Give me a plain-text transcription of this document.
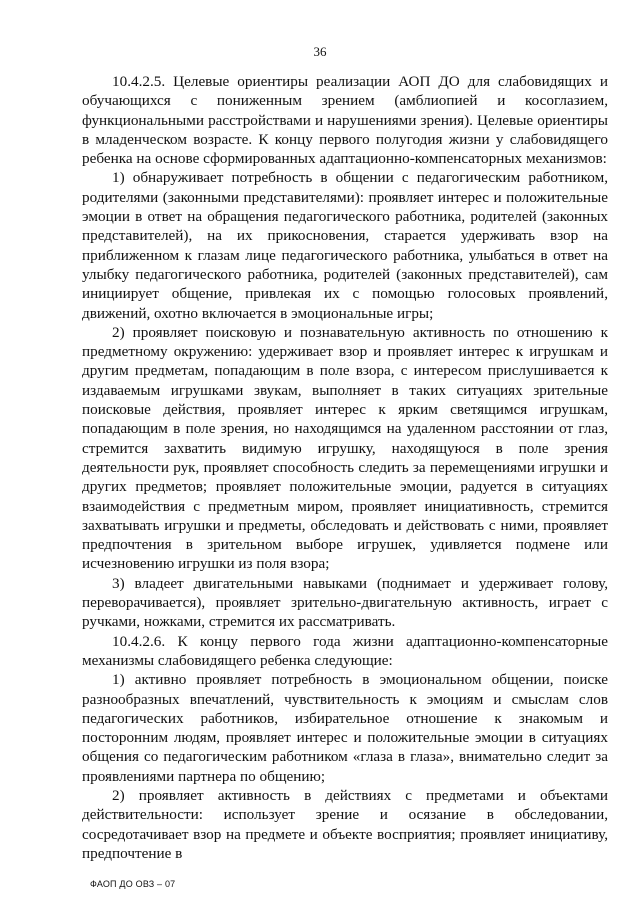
36

10.4.2.5. Целевые ориентиры реализации АОП ДО для слабовидящих и обучающихся с пониженным зрением (амблиопией и косоглазием, функциональными расстройствами и нарушениями зрения). Целевые ориентиры в младенческом возрасте. К концу первого полугодия жизни у слабовидящего ребенка на основе сформированных адаптационно-компенсаторных механизмов:

1) обнаруживает потребность в общении с педагогическим работником, родителями (законными представителями): проявляет интерес и положительные эмоции в ответ на обращения педагогического работника, родителей (законных представителей), на их прикосновения, старается удерживать взор на приближенном к глазам лице педагогического работника, улыбаться в ответ на улыбку педагогического работника, родителей (законных представителей), сам инициирует общение, привлекая их с помощью голосовых проявлений, движений, охотно включается в эмоциональные игры;

2) проявляет поисковую и познавательную активность по отношению к предметному окружению: удерживает взор и проявляет интерес к игрушкам и другим предметам, попадающим в поле взора, с интересом прислушивается к издаваемым игрушками звукам, выполняет в таких ситуациях зрительные поисковые действия, проявляет интерес к ярким светящимся игрушкам, попадающим в поле зрения, но находящимся на удаленном расстоянии от глаз, стремится захватить видимую игрушку, находящуюся в поле зрения деятельности рук, проявляет способность следить за перемещениями игрушки и других предметов; проявляет положительные эмоции, радуется в ситуациях взаимодействия с предметным миром, проявляет инициативность, стремится захватывать игрушки и предметы, обследовать и действовать с ними, проявляет предпочтения в зрительном выборе игрушек, удивляется подмене или исчезновению игрушки из поля взора;

3) владеет двигательными навыками (поднимает и удерживает голову, переворачивается), проявляет зрительно-двигательную активность, играет с ручками, ножками, стремится их рассматривать.

10.4.2.6. К концу первого года жизни адаптационно-компенсаторные механизмы слабовидящего ребенка следующие:

1) активно проявляет потребность в эмоциональном общении, поиске разнообразных впечатлений, чувствительность к эмоциям и смыслам слов педагогических работников, избирательное отношение к знакомым и посторонним людям, проявляет интерес и положительные эмоции в ситуациях общения со педагогическим работником «глаза в глаза», внимательно следит за проявлениями партнера по общению;

2) проявляет активность в действиях с предметами и объектами действительности: использует зрение и осязание в обследовании, сосредотачивает взор на предмете и объекте восприятия; проявляет инициативу, предпочтение в

ФАОП ДО ОВЗ – 07
